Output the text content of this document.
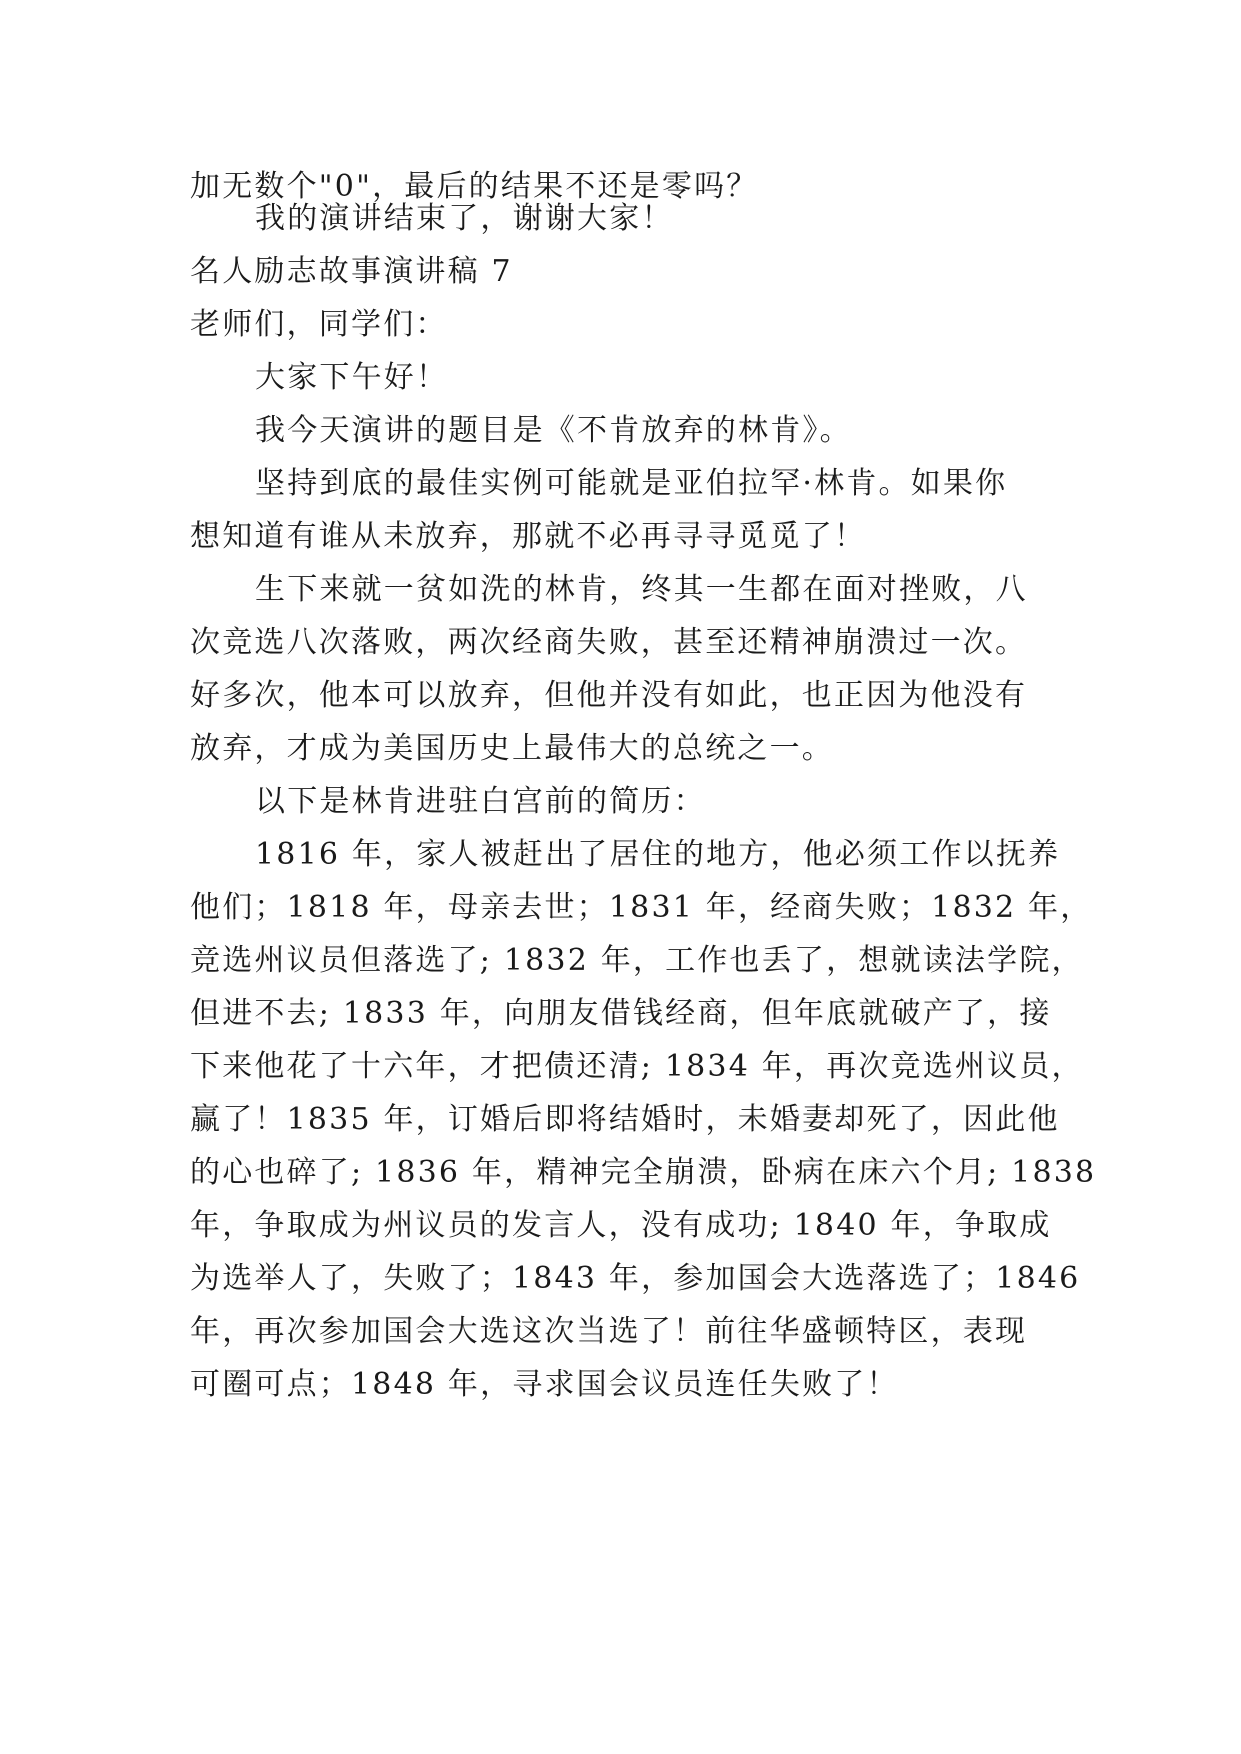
加无数个"0"，最后的结果不还是零吗？
我的演讲结束了，谢谢大家！
名人励志故事演讲稿 7
老师们，同学们：
大家下午好！
我今天演讲的题目是《不肯放弃的林肯》。
坚持到底的最佳实例可能就是亚伯拉罕·林肯。如果你
想知道有谁从未放弃，那就不必再寻寻觅觅了！
生下来就一贫如洗的林肯，终其一生都在面对挫败，八
次竞选八次落败，两次经商失败，甚至还精神崩溃过一次。
好多次，他本可以放弃，但他并没有如此，也正因为他没有
放弃，才成为美国历史上最伟大的总统之一。
以下是林肯进驻白宫前的简历：
1816 年，家人被赶出了居住的地方，他必须工作以抚养
他们；1818 年，母亲去世；1831 年，经商失败；1832 年，
竞选州议员但落选了; 1832 年，工作也丢了，想就读法学院，
但进不去; 1833 年，向朋友借钱经商，但年底就破产了，接
下来他花了十六年，才把债还清; 1834 年，再次竞选州议员，
赢了！1835 年，订婚后即将结婚时，未婚妻却死了，因此他
的心也碎了; 1836 年，精神完全崩溃，卧病在床六个月; 1838
年，争取成为州议员的发言人，没有成功; 1840 年，争取成
为选举人了，失败了；1843 年，参加国会大选落选了；1846
年，再次参加国会大选这次当选了！前往华盛顿特区，表现
可圈可点；1848 年，寻求国会议员连任失败了！
